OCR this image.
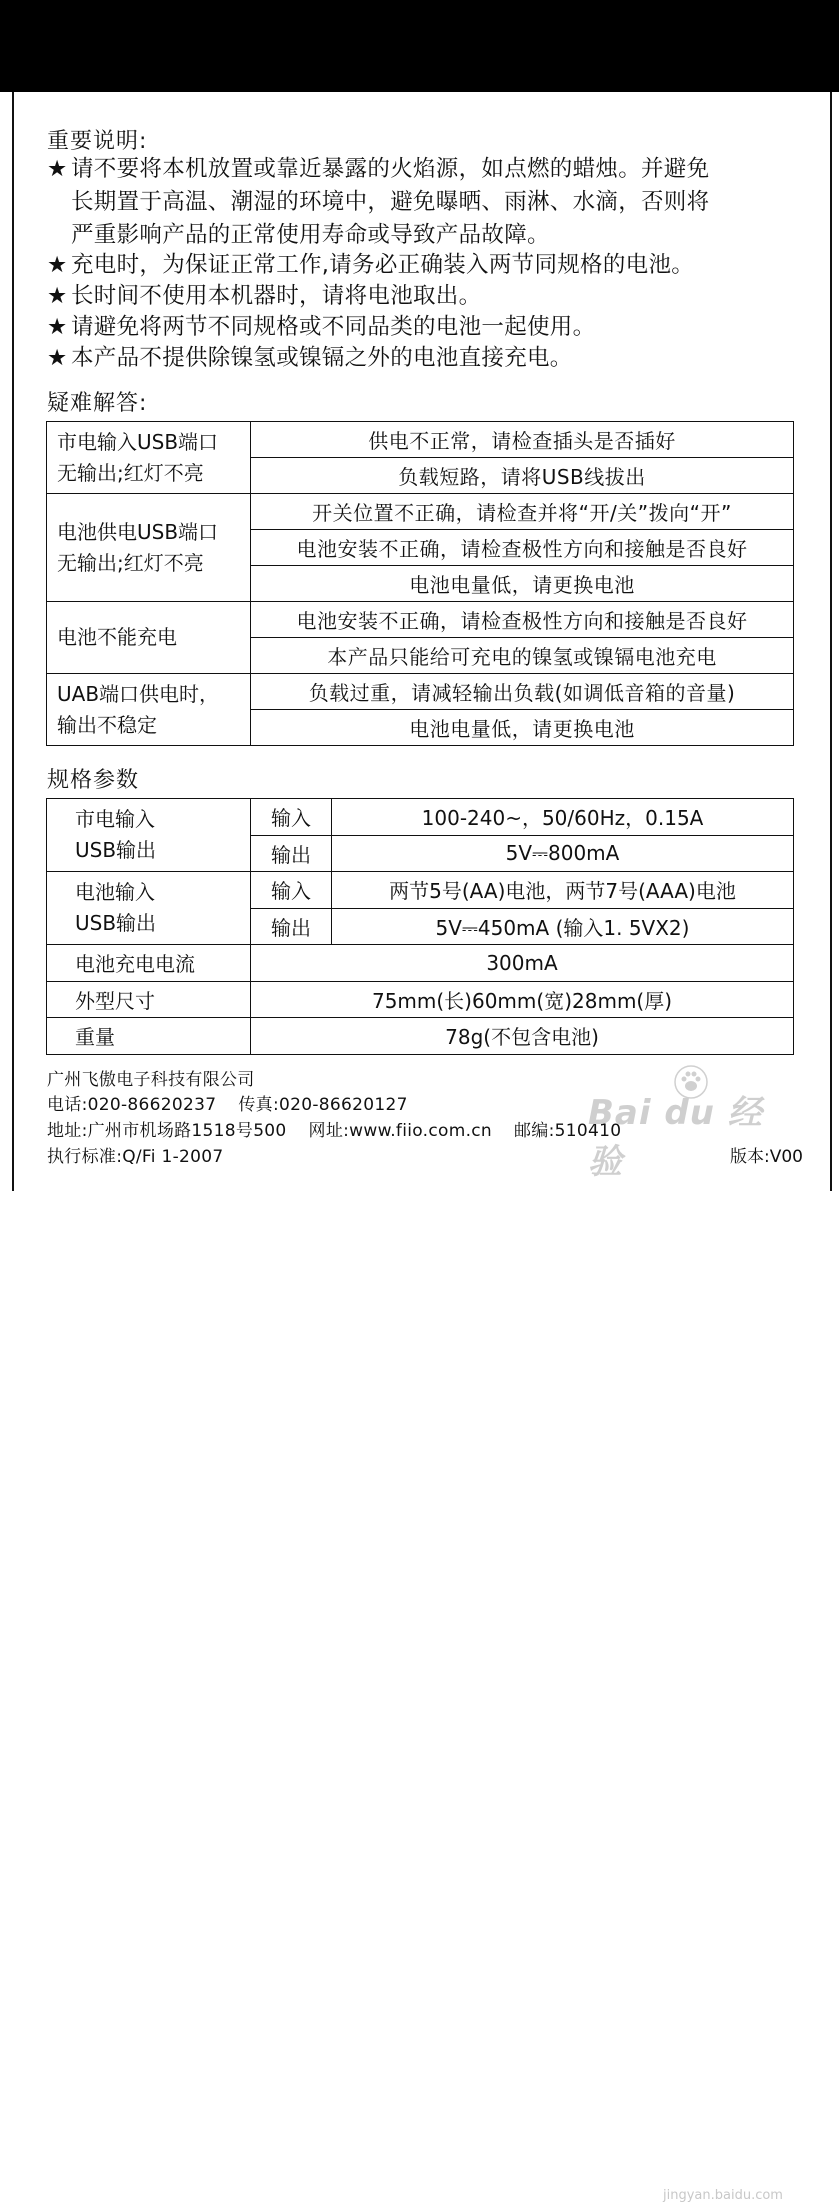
重要说明:
★ 请不要将本机放置或靠近暴露的火焰源，如点燃的蜡烛。并避免
长期置于高温、潮湿的环境中，避免曝晒、雨淋、水滴，否则将
严重影响产品的正常使用寿命或导致产品故障。
★ 充电时，为保证正常工作,请务必正确装入两节同规格的电池。
★ 长时间不使用本机器时，请将电池取出。
★ 请避免将两节不同规格或不同品类的电池一起使用。
★ 本产品不提供除镍氢或镍镉之外的电池直接充电。
疑难解答:
市电输入USB端口
无输出;红灯不亮	供电不正常，请检查插头是否插好
	负载短路，请将USB线拔出

电池供电USB端口
无输出;红灯不亮	开关位置不正确，请检查并将“开/关”拨向“开”
	电池安装不正确，请检查极性方向和接触是否良好
	电池电量低，请更换电池

电池不能充电	电池安装不正确，请检查极性方向和接触是否良好
	本产品只能给可充电的镍氢或镍镉电池充电

UAB端口供电时，
输出不稳定	负载过重，请减轻输出负载(如调低音箱的音量)
	电池电量低，请更换电池
规格参数
市电输入
USB输出	输入	100-240~，50/60Hz，0.15A
	输出	5V⎓800mA

电池输入
USB输出	输入	两节5号(AA)电池，两节7号(AAA)电池
	输出	5V⎓450mA (输入1. 5VX2)
电池充电电流	300mA	
外型尺寸	75mm(长)60mm(宽)28mm(厚)	
重量	78g(不包含电池)	
广州飞傲电子科技有限公司
电话:020-86620237 传真:020-86620127
地址:广州市机场路1518号500 网址:www.fiio.com.cn 邮编:510410
执行标准:Q/Fi 1-2007	版本:V00
Bai du 经验
jingyan.baidu.com
